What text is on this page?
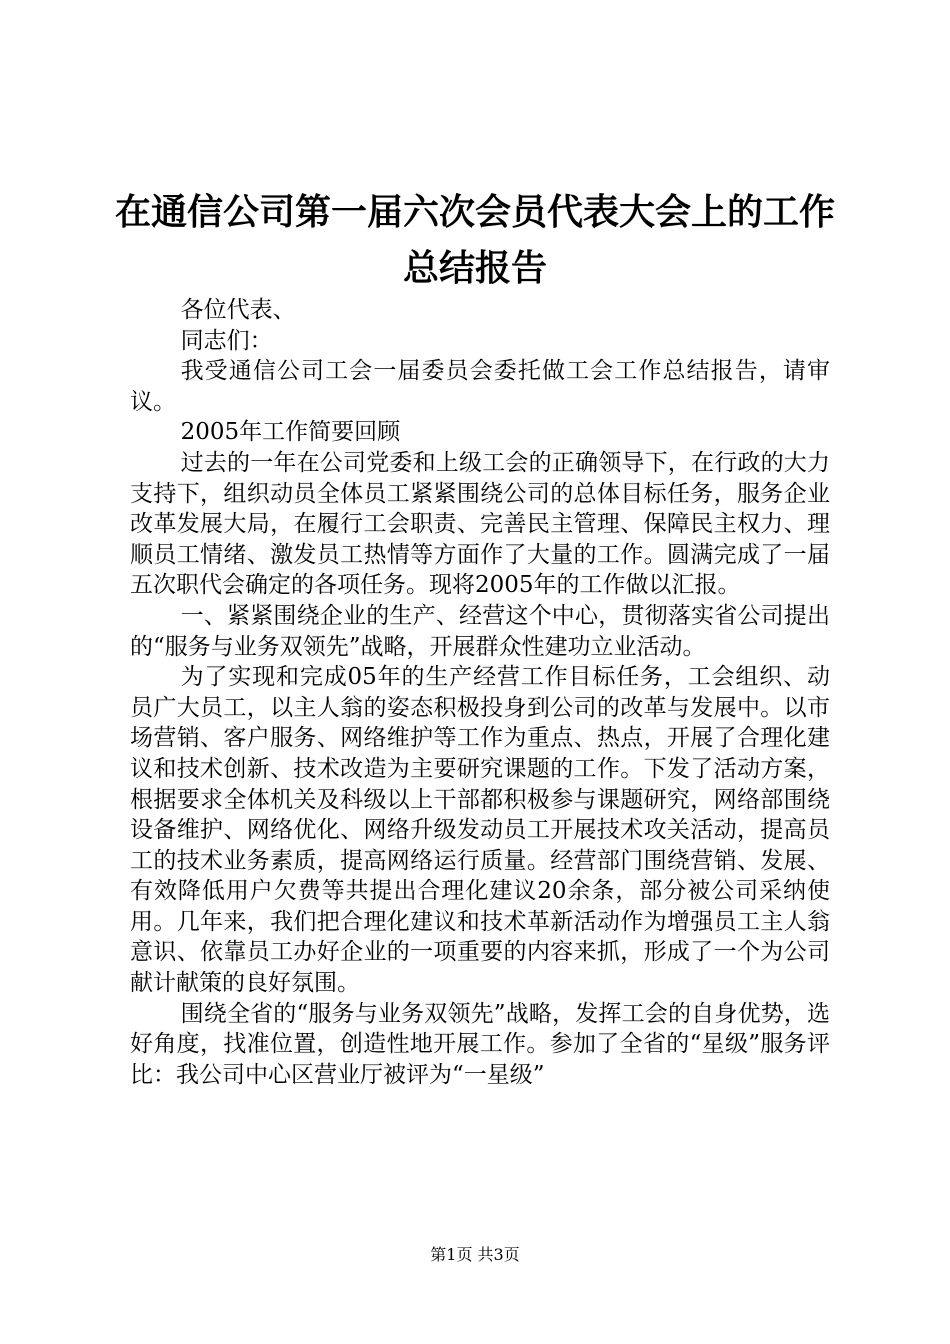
在通信公司第一届六次会员代表大会上的工作
总结报告

各位代表、

同志们：

我受通信公司工会一届委员会委托做工会工作总结报告，请审议。

2005年工作简要回顾

过去的一年在公司党委和上级工会的正确领导下，在行政的大力支持下，组织动员全体员工紧紧围绕公司的总体目标任务，服务企业改革发展大局，在履行工会职责、完善民主管理、保障民主权力、理顺员工情绪、激发员工热情等方面作了大量的工作。圆满完成了一届五次职代会确定的各项任务。现将2005年的工作做以汇报。

一、紧紧围绕企业的生产、经营这个中心，贯彻落实省公司提出的“服务与业务双领先”战略，开展群众性建功立业活动。

为了实现和完成05年的生产经营工作目标任务，工会组织、动员广大员工，以主人翁的姿态积极投身到公司的改革与发展中。以市场营销、客户服务、网络维护等工作为重点、热点，开展了合理化建议和技术创新、技术改造为主要研究课题的工作。下发了活动方案，根据要求全体机关及科级以上干部都积极参与课题研究，网络部围绕设备维护、网络优化、网络升级发动员工开展技术攻关活动，提高员工的技术业务素质，提高网络运行质量。经营部门围绕营销、发展、有效降低用户欠费等共提出合理化建议20余条，部分被公司采纳使用。几年来，我们把合理化建议和技术革新活动作为增强员工主人翁意识、依靠员工办好企业的一项重要的内容来抓，形成了一个为公司献计献策的良好氛围。

围绕全省的“服务与业务双领先”战略，发挥工会的自身优势，选好角度，找准位置，创造性地开展工作。参加了全省的“星级”服务评比：我公司中心区营业厅被评为“一星级”

第1页 共3页
